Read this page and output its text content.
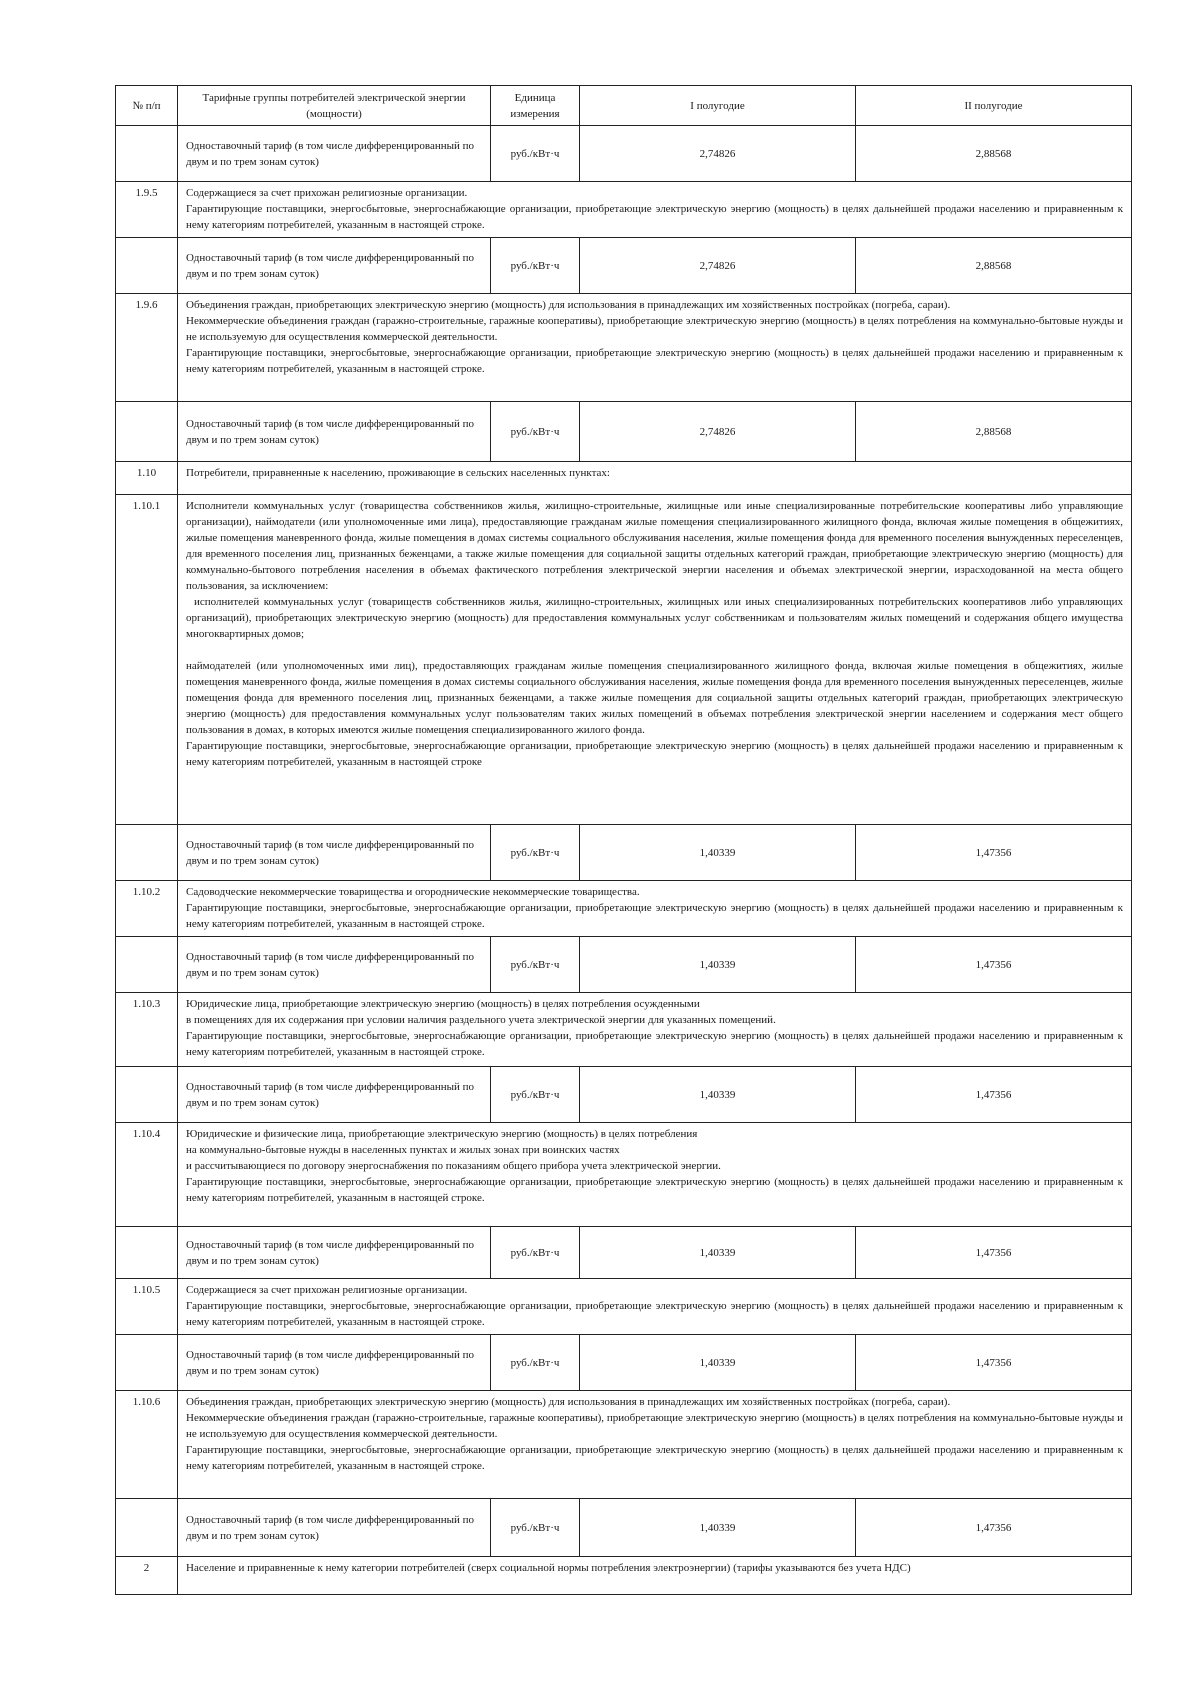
№ п/п	Тарифные группы потребителей электрической энергии (мощности)	Единица измерения	I полугодие	II полугодие
	Одноставочный тариф (в том числе дифференцированный по двум и по трем зонам суток)	руб./кВт·ч	2,74826	2,88568
1.9.5	Содержащиеся за счет прихожан религиозные организации.

Гарантирующие поставщики, энергосбытовые, энергоснабжающие организации, приобретающие электрическую энергию (мощность) в целях дальнейшей продажи населению и приравненным к нему категориям потребителей, указанным в настоящей строке.			

	Одноставочный тариф (в том числе дифференцированный по двум и по трем зонам суток)	руб./кВт·ч	2,74826	2,88568
1.9.6	Объединения граждан, приобретающих электрическую энергию (мощность) для использования в принадлежащих им хозяйственных постройках (погреба, сараи).

Некоммерческие объединения граждан (гаражно-строительные, гаражные кооперативы), приобретающие электрическую энергию (мощность) в целях потребления на коммунально-бытовые нужды и не используемую для осуществления коммерческой деятельности.

Гарантирующие поставщики, энергосбытовые, энергоснабжающие организации, приобретающие электрическую энергию (мощность) в целях дальнейшей продажи населению и приравненным к нему категориям потребителей, указанным в настоящей строке.			

	Одноставочный тариф (в том числе дифференцированный по двум и по трем зонам суток)	руб./кВт·ч	2,74826	2,88568
1.10	Потребители, приравненные к населению, проживающие в сельских населенных пунктах:			

1.10.1	Исполнители коммунальных услуг (товарищества собственников жилья, жилищно-строительные, жилищные или иные специализированные потребительские кооперативы либо управляющие организации), наймодатели (или уполномоченные ими лица), предоставляющие гражданам жилые помещения специализированного жилищного фонда, включая жилые помещения в общежитиях, жилые помещения маневренного фонда, жилые помещения в домах системы социального обслуживания населения, жилые помещения фонда для временного поселения вынужденных переселенцев, для временного поселения лиц, признанных беженцами, а также жилые помещения для социальной защиты отдельных категорий граждан, приобретающие электрическую энергию (мощность) для коммунально-бытового потребления населения в объемах фактического потребления электрической энергии населения и объемах электрической энергии, израсходованной на места общего пользования, за исключением:

исполнителей коммунальных услуг (товариществ собственников жилья, жилищно-строительных, жилищных или иных специализированных потребительских кооперативов либо управляющих организаций), приобретающих электрическую энергию (мощность) для предоставления коммунальных услуг собственникам и пользователям жилых помещений и содержания общего имущества многоквартирных домов;

наймодателей (или уполномоченных ими лиц), предоставляющих гражданам жилые помещения специализированного жилищного фонда, включая жилые помещения в общежитиях, жилые помещения маневренного фонда, жилые помещения в домах системы социального обслуживания населения, жилые помещения фонда для временного поселения вынужденных переселенцев, жилые помещения фонда для временного поселения лиц, признанных беженцами, а также жилые помещения для социальной защиты отдельных категорий граждан, приобретающих электрическую энергию (мощность) для предоставления коммунальных услуг пользователям таких жилых помещений в объемах потребления электрической энергии населением и содержания мест общего пользования в домах, в которых имеются жилые помещения специализированного жилого фонда.

Гарантирующие поставщики, энергосбытовые, энергоснабжающие организации, приобретающие электрическую энергию (мощность) в целях дальнейшей продажи населению и приравненным к нему категориям потребителей, указанным в настоящей строке			

	Одноставочный тариф (в том числе дифференцированный по двум и по трем зонам суток)	руб./кВт·ч	1,40339	1,47356
1.10.2	Садоводческие некоммерческие товарищества и огороднические некоммерческие товарищества.

Гарантирующие поставщики, энергосбытовые, энергоснабжающие организации, приобретающие электрическую энергию (мощность) в целях дальнейшей продажи населению и приравненным к нему категориям потребителей, указанным в настоящей строке.			

	Одноставочный тариф (в том числе дифференцированный по двум и по трем зонам суток)	руб./кВт·ч	1,40339	1,47356
1.10.3	Юридические лица, приобретающие электрическую энергию (мощность) в целях потребления осужденными

в помещениях для их содержания при условии наличия раздельного учета электрической энергии для указанных помещений.

Гарантирующие поставщики, энергосбытовые, энергоснабжающие организации, приобретающие электрическую энергию (мощность) в целях дальнейшей продажи населению и приравненным к нему категориям потребителей, указанным в настоящей строке.			

	Одноставочный тариф (в том числе дифференцированный по двум и по трем зонам суток)	руб./кВт·ч	1,40339	1,47356
1.10.4	Юридические и физические лица, приобретающие электрическую энергию (мощность) в целях потребления

на коммунально-бытовые нужды в населенных пунктах и жилых зонах при воинских частях

и рассчитывающиеся по договору энергоснабжения по показаниям общего прибора учета электрической энергии.

Гарантирующие поставщики, энергосбытовые, энергоснабжающие организации, приобретающие электрическую энергию (мощность) в целях дальнейшей продажи населению и приравненным к нему категориям потребителей, указанным в настоящей строке.			

	Одноставочный тариф (в том числе дифференцированный по двум и по трем зонам суток)	руб./кВт·ч	1,40339	1,47356
1.10.5	Содержащиеся за счет прихожан религиозные организации.

Гарантирующие поставщики, энергосбытовые, энергоснабжающие организации, приобретающие электрическую энергию (мощность) в целях дальнейшей продажи населению и приравненным к нему категориям потребителей, указанным в настоящей строке.			

	Одноставочный тариф (в том числе дифференцированный по двум и по трем зонам суток)	руб./кВт·ч	1,40339	1,47356
1.10.6	Объединения граждан, приобретающих электрическую энергию (мощность) для использования в принадлежащих им хозяйственных постройках (погреба, сараи).

Некоммерческие объединения граждан (гаражно-строительные, гаражные кооперативы), приобретающие электрическую энергию (мощность) в целях потребления на коммунально-бытовые нужды и не используемую для осуществления коммерческой деятельности.

Гарантирующие поставщики, энергосбытовые, энергоснабжающие организации, приобретающие электрическую энергию (мощность) в целях дальнейшей продажи населению и приравненным к нему категориям потребителей, указанным в настоящей строке.			

	Одноставочный тариф (в том числе дифференцированный по двум и по трем зонам суток)	руб./кВт·ч	1,40339	1,47356
2	Население и приравненные к нему категории потребителей (сверх социальной нормы потребления электроэнергии) (тарифы указываются без учета НДС)			
